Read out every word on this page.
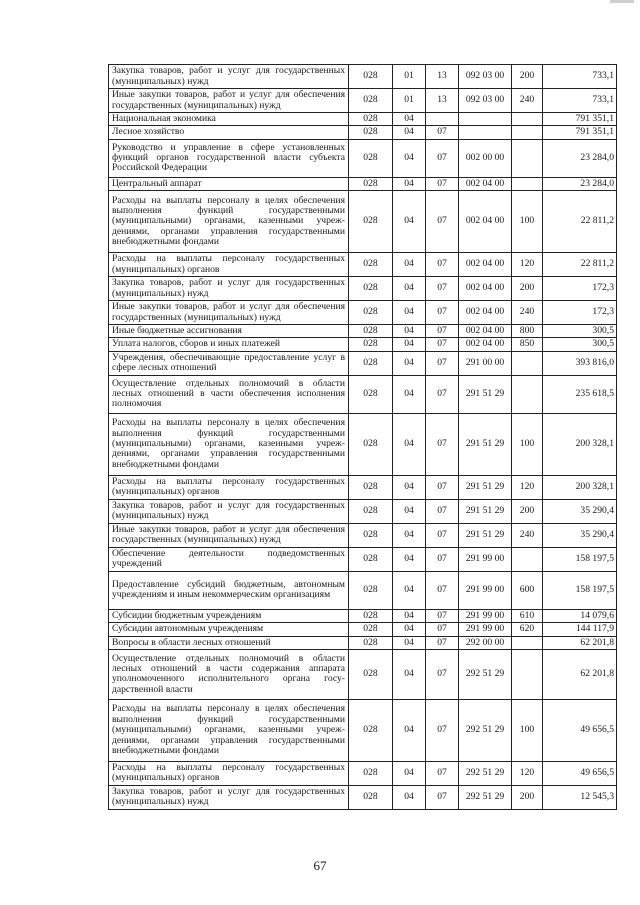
Закупка товаров, работ и услуг для государственных (муниципальных) нужд	028	01	13	092 03 00	200	733,1
Иные закупки товаров, работ и услуг для обеспечения государственных (муниципальных) нужд	028	01	13	092 03 00	240	733,1
Национальная экономика	028	04				791 351,1
Лесное хозяйство	028	04	07			791 351,1
Руководство и управление в сфере установленных функций органов государственной власти субъекта Российской Федерации	028	04	07	002 00 00		23 284,0
Центральный аппарат	028	04	07	002 04 00		23 284,0
Расходы на выплаты персоналу в целях обеспечения выполнения функций государственными (муниципальными) органами, казенными учреждениями, органами управления государственными внебюджетными фондами	028	04	07	002 04 00	100	22 811,2
Расходы на выплаты персоналу государственных (муниципальных) органов	028	04	07	002 04 00	120	22 811,2
Закупка товаров, работ и услуг для государственных (муниципальных) нужд	028	04	07	002 04 00	200	172,3
Иные закупки товаров, работ и услуг для обеспечения государственных (муниципальных) нужд	028	04	07	002 04 00	240	172,3
Иные бюджетные ассигнования	028	04	07	002 04 00	800	300,5
Уплата налогов, сборов и иных платежей	028	04	07	002 04 00	850	300,5
Учреждения, обеспечивающие предоставление услуг в сфере лесных отношений	028	04	07	291 00 00		393 816,0
Осуществление отдельных полномочий в области лесных отношений в части обеспечения исполнения полномочия	028	04	07	291 51 29		235 618,5
Расходы на выплаты персоналу в целях обеспечения выполнения функций государственными (муниципальными) органами, казенными учреждениями, органами управления государственными внебюджетными фондами	028	04	07	291 51 29	100	200 328,1
Расходы на выплаты персоналу государственных (муниципальных) органов	028	04	07	291 51 29	120	200 328,1
Закупка товаров, работ и услуг для государственных (муниципальных) нужд	028	04	07	291 51 29	200	35 290,4
Иные закупки товаров, работ и услуг для обеспечения государственных (муниципальных) нужд	028	04	07	291 51 29	240	35 290,4
Обеспечение деятельности подведомственных учреждений	028	04	07	291 99 00		158 197,5
Предоставление субсидий бюджетным, автономным учреждениям и иным некоммерческим организациям	028	04	07	291 99 00	600	158 197,5
Субсидии бюджетным учреждениям	028	04	07	291 99 00	610	14 079,6
Субсидии автономным учреждениям	028	04	07	291 99 00	620	144 117,9
Вопросы в области лесных отношений	028	04	07	292 00 00		62 201,8
Осуществление отдельных полномочий в области лесных отношений в части содержания аппарата уполномоченного исполнительного органа государственной власти	028	04	07	292 51 29		62 201,8
Расходы на выплаты персоналу в целях обеспечения выполнения функций государственными (муниципальными) органами, казенными учреждениями, органами управления государственными внебюджетными фондами	028	04	07	292 51 29	100	49 656,5
Расходы на выплаты персоналу государственных (муниципальных) органов	028	04	07	292 51 29	120	49 656,5
Закупка товаров, работ и услуг для государственных (муниципальных) нужд	028	04	07	292 51 29	200	12 545,3
67
